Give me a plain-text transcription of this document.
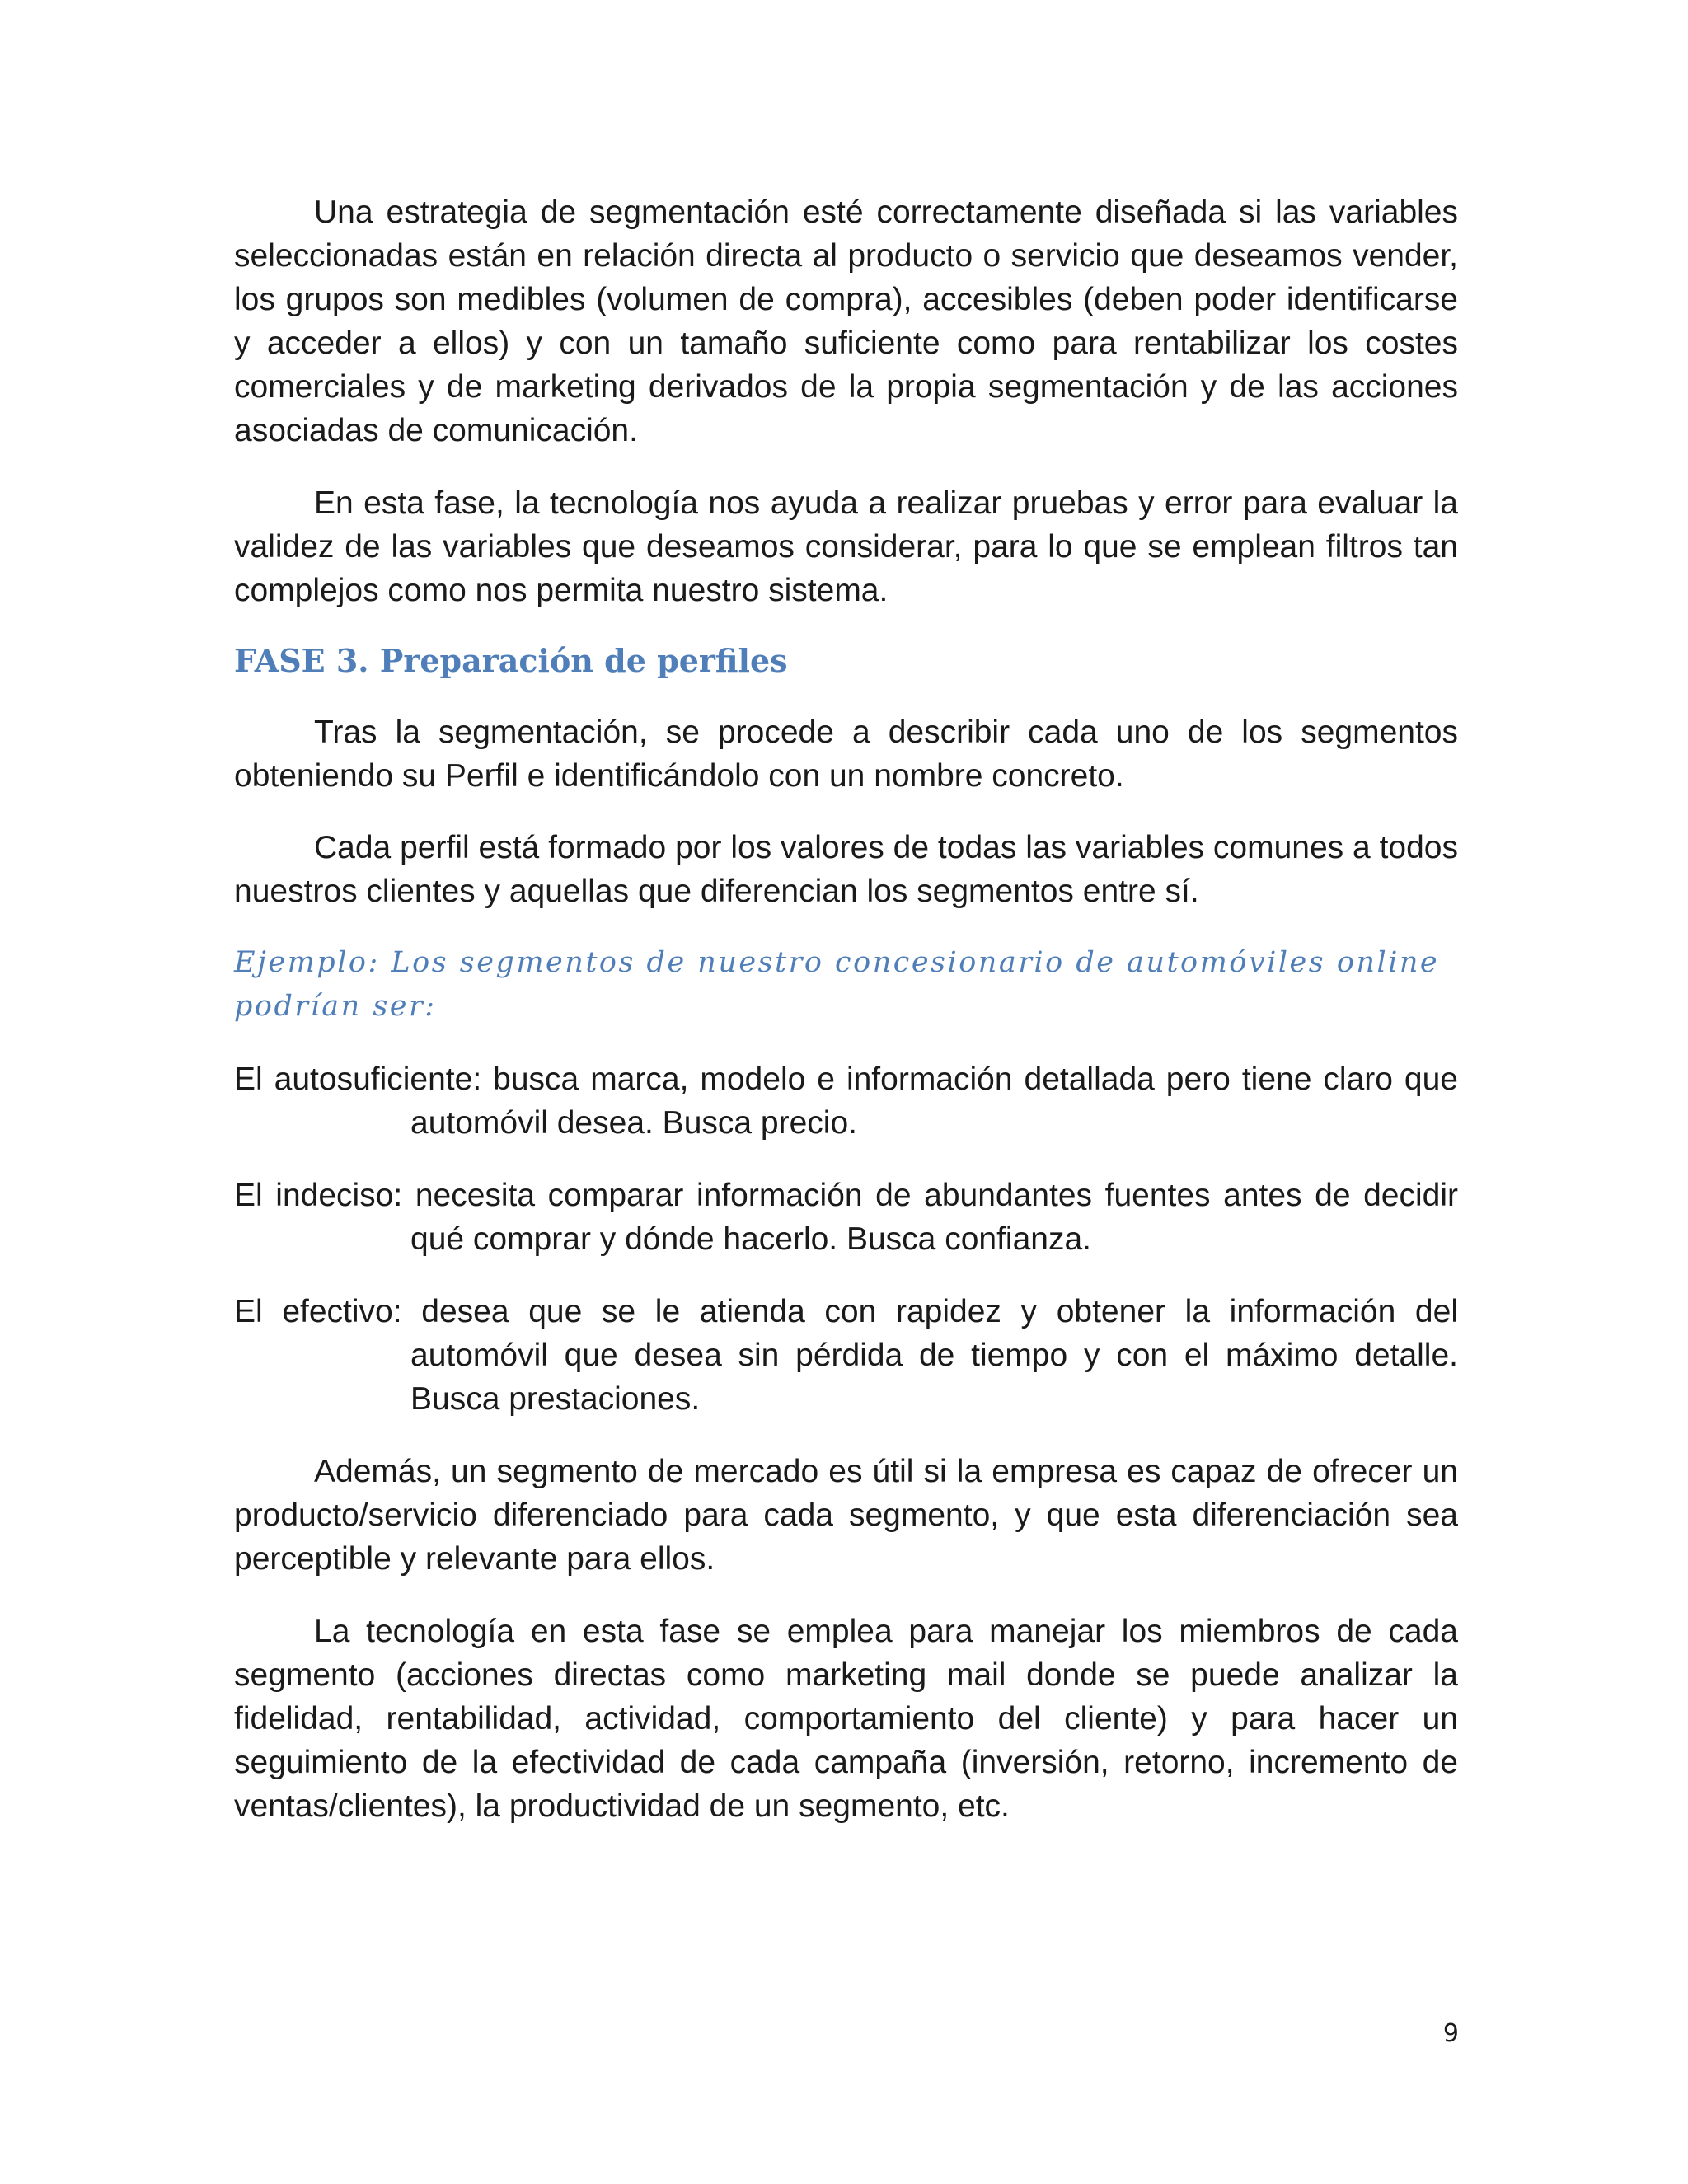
Una estrategia de segmentación esté correctamente diseñada si las variables seleccionadas están en relación directa al producto o servicio que deseamos vender, los grupos son medibles (volumen de compra), accesibles (deben poder identificarse y acceder a ellos) y con un tamaño suficiente como para rentabilizar los costes comerciales y de marketing derivados de la propia segmentación y de las acciones asociadas de comunicación.

En esta fase, la tecnología nos ayuda a realizar pruebas y error para evaluar la validez de las variables que deseamos considerar, para lo que se emplean filtros tan complejos como nos permita nuestro sistema.

FASE 3. Preparación de perfiles

Tras la segmentación, se procede a describir cada uno de los segmentos obteniendo su Perfil e identificándolo con un nombre concreto.

Cada perfil está formado por los valores de todas las variables comunes a todos nuestros clientes y aquellas que diferencian los segmentos entre sí.

Ejemplo: Los segmentos de nuestro concesionario de automóviles online podrían ser:

El autosuficiente: busca marca, modelo e información detallada pero tiene claro que automóvil desea. Busca precio.

El indeciso: necesita comparar información de abundantes fuentes antes de decidir qué comprar y dónde hacerlo. Busca confianza.

El efectivo: desea que se le atienda con rapidez y obtener la información del automóvil que desea sin pérdida de tiempo y con el máximo detalle. Busca prestaciones.

Además, un segmento de mercado es útil si la empresa es capaz de ofrecer un producto/servicio diferenciado para cada segmento, y que esta diferenciación sea perceptible y relevante para ellos.

La tecnología en esta fase se emplea para manejar los miembros de cada segmento (acciones directas como marketing mail donde se puede analizar la fidelidad, rentabilidad, actividad, comportamiento del cliente) y para hacer un seguimiento de la efectividad de cada campaña (inversión, retorno, incremento de ventas/clientes), la productividad de un segmento, etc.

9
